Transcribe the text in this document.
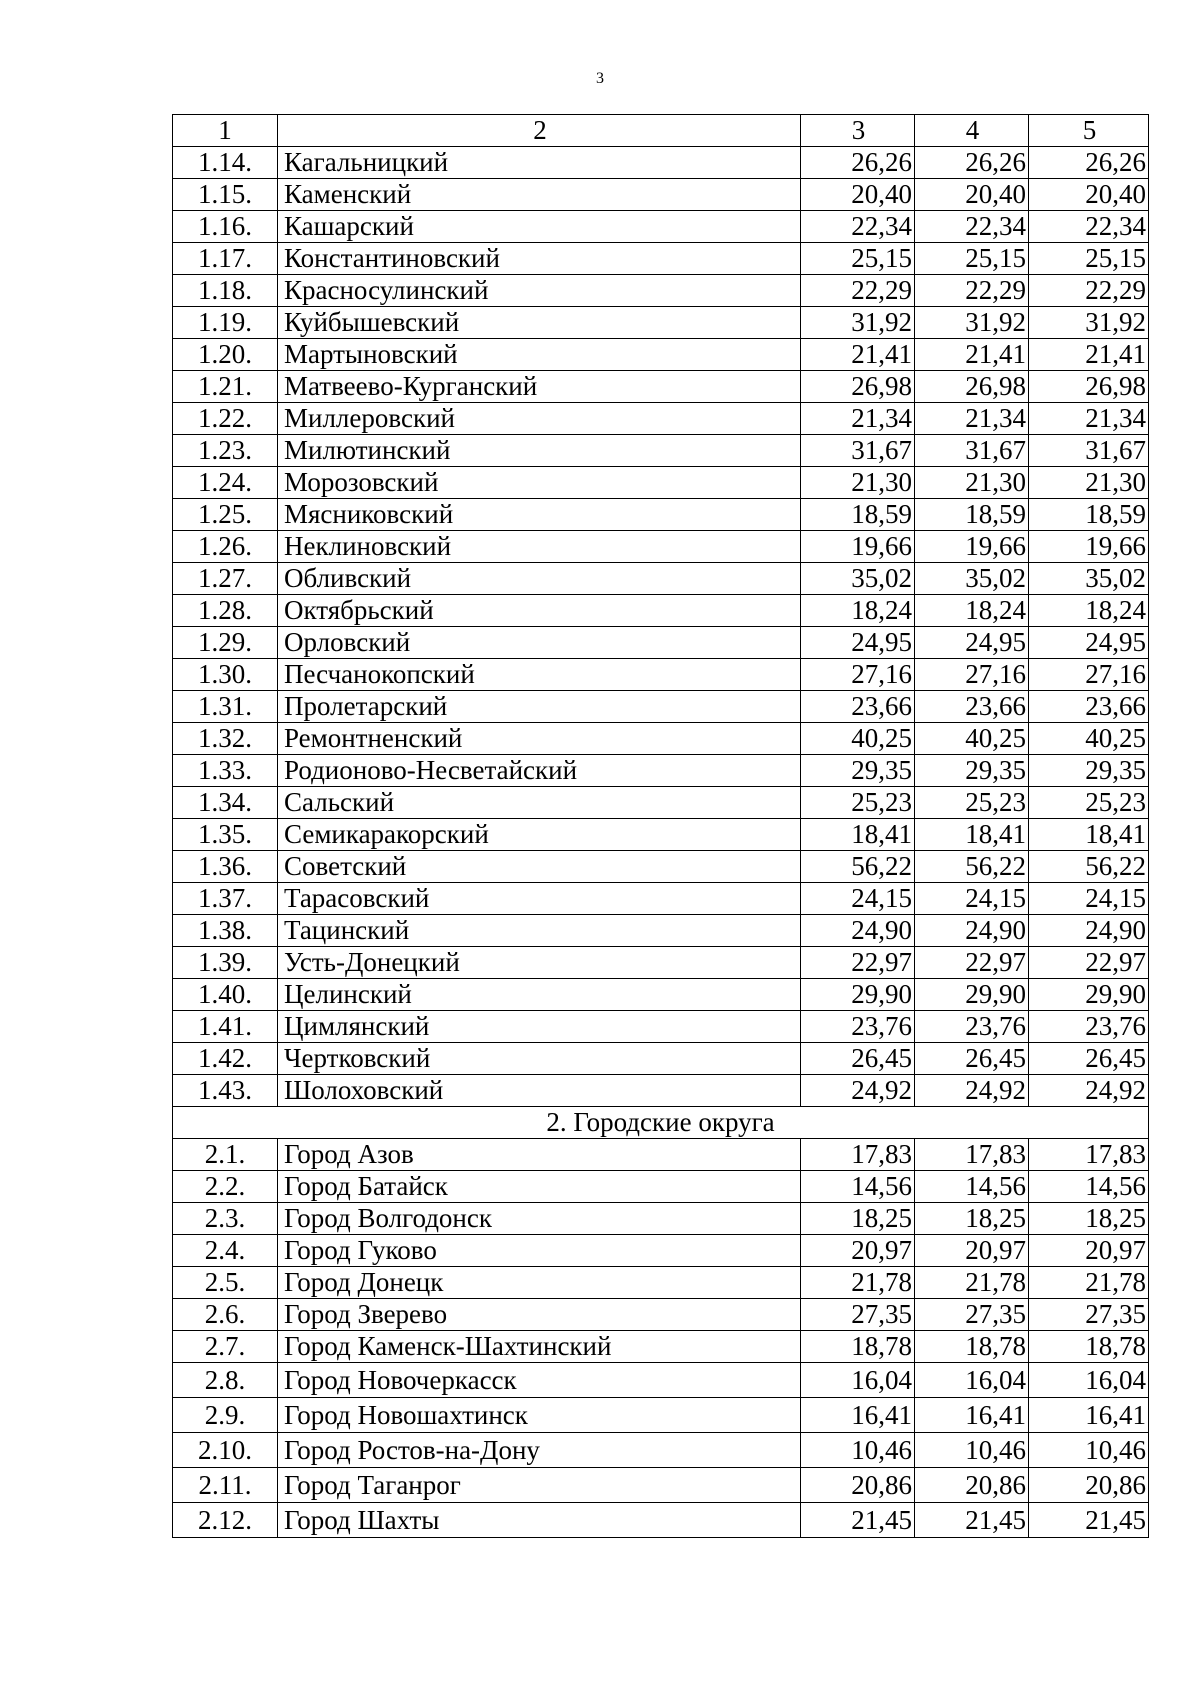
3
1	2	3	4	5
1.14.	Кагальницкий	26,26	26,26	26,26
1.15.	Каменский	20,40	20,40	20,40
1.16.	Кашарский	22,34	22,34	22,34
1.17.	Константиновский	25,15	25,15	25,15
1.18.	Красносулинский	22,29	22,29	22,29
1.19.	Куйбышевский	31,92	31,92	31,92
1.20.	Мартыновский	21,41	21,41	21,41
1.21.	Матвеево-Курганский	26,98	26,98	26,98
1.22.	Миллеровский	21,34	21,34	21,34
1.23.	Милютинский	31,67	31,67	31,67
1.24.	Морозовский	21,30	21,30	21,30
1.25.	Мясниковский	18,59	18,59	18,59
1.26.	Неклиновский	19,66	19,66	19,66
1.27.	Обливский	35,02	35,02	35,02
1.28.	Октябрьский	18,24	18,24	18,24
1.29.	Орловский	24,95	24,95	24,95
1.30.	Песчанокопский	27,16	27,16	27,16
1.31.	Пролетарский	23,66	23,66	23,66
1.32.	Ремонтненский	40,25	40,25	40,25
1.33.	Родионово-Несветайский	29,35	29,35	29,35
1.34.	Сальский	25,23	25,23	25,23
1.35.	Семикаракорский	18,41	18,41	18,41
1.36.	Советский	56,22	56,22	56,22
1.37.	Тарасовский	24,15	24,15	24,15
1.38.	Тацинский	24,90	24,90	24,90
1.39.	Усть-Донецкий	22,97	22,97	22,97
1.40.	Целинский	29,90	29,90	29,90
1.41.	Цимлянский	23,76	23,76	23,76
1.42.	Чертковский	26,45	26,45	26,45
1.43.	Шолоховский	24,92	24,92	24,92
2. Городские округа				
2.1.	Город Азов	17,83	17,83	17,83
2.2.	Город Батайск	14,56	14,56	14,56
2.3.	Город Волгодонск	18,25	18,25	18,25
2.4.	Город Гуково	20,97	20,97	20,97
2.5.	Город Донецк	21,78	21,78	21,78
2.6.	Город Зверево	27,35	27,35	27,35
2.7.	Город Каменск-Шахтинский	18,78	18,78	18,78
2.8.	Город Новочеркасск	16,04	16,04	16,04
2.9.	Город Новошахтинск	16,41	16,41	16,41
2.10.	Город Ростов-на-Дону	10,46	10,46	10,46
2.11.	Город Таганрог	20,86	20,86	20,86
2.12.	Город Шахты	21,45	21,45	21,45
